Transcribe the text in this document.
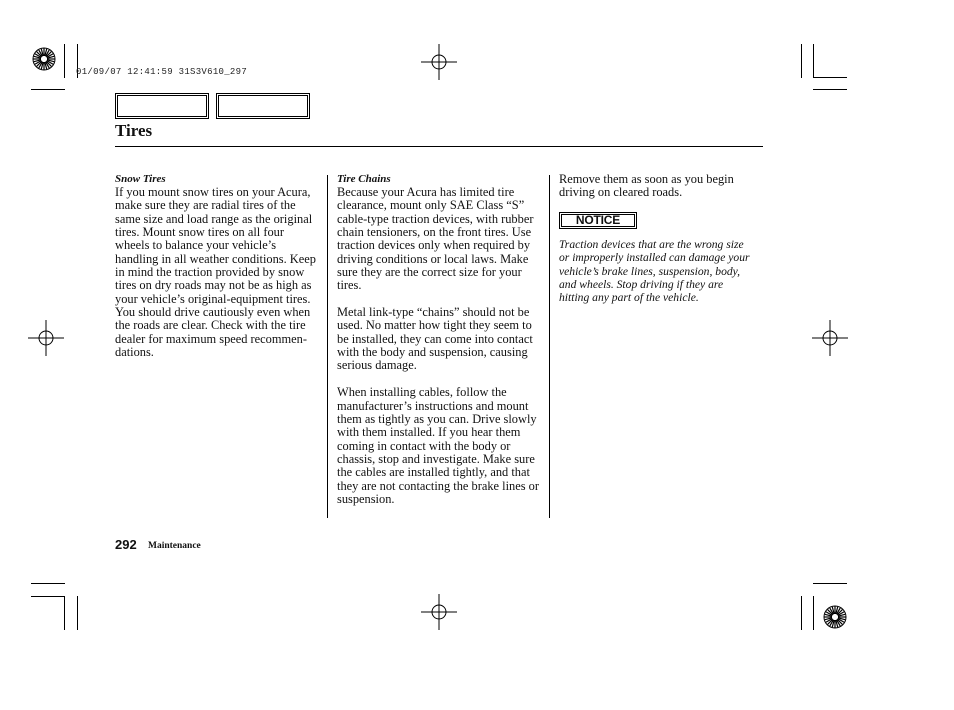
01/09/07 12:41:59 31S3V610_297
Tires
Snow Tires

If you mount snow tires on your Acura, make sure they are radial tires of the same size and load range as the original tires. Mount snow tires on all four wheels to balance your vehicle’s handling in all weather conditions. Keep in mind the traction provided by snow tires on dry roads may not be as high as your vehicle’s original-equipment tires. You should drive cautiously even when the roads are clear. Check with the tire dealer for maximum speed recommen-dations.

Tire Chains

Because your Acura has limited tire clearance, mount only SAE Class “S” cable-type traction devices, with rubber chain tensioners, on the front tires. Use traction devices only when required by driving conditions or local laws. Make sure they are the correct size for your tires.

Metal link-type “chains” should not be used. No matter how tight they seem to be installed, they can come into contact with the body and suspension, causing serious damage.

When installing cables, follow the manufacturer’s instructions and mount them as tightly as you can. Drive slowly with them installed. If you hear them coming in contact with the body or chassis, stop and investigate. Make sure the cables are installed tightly, and that they are not contacting the brake lines or suspension.

Remove them as soon as you begin driving on cleared roads.

NOTICE

Traction devices that are the wrong size or improperly installed can damage your vehicle’s brake lines, suspension, body, and wheels. Stop driving if they are hitting any part of the vehicle.

292 Maintenance
